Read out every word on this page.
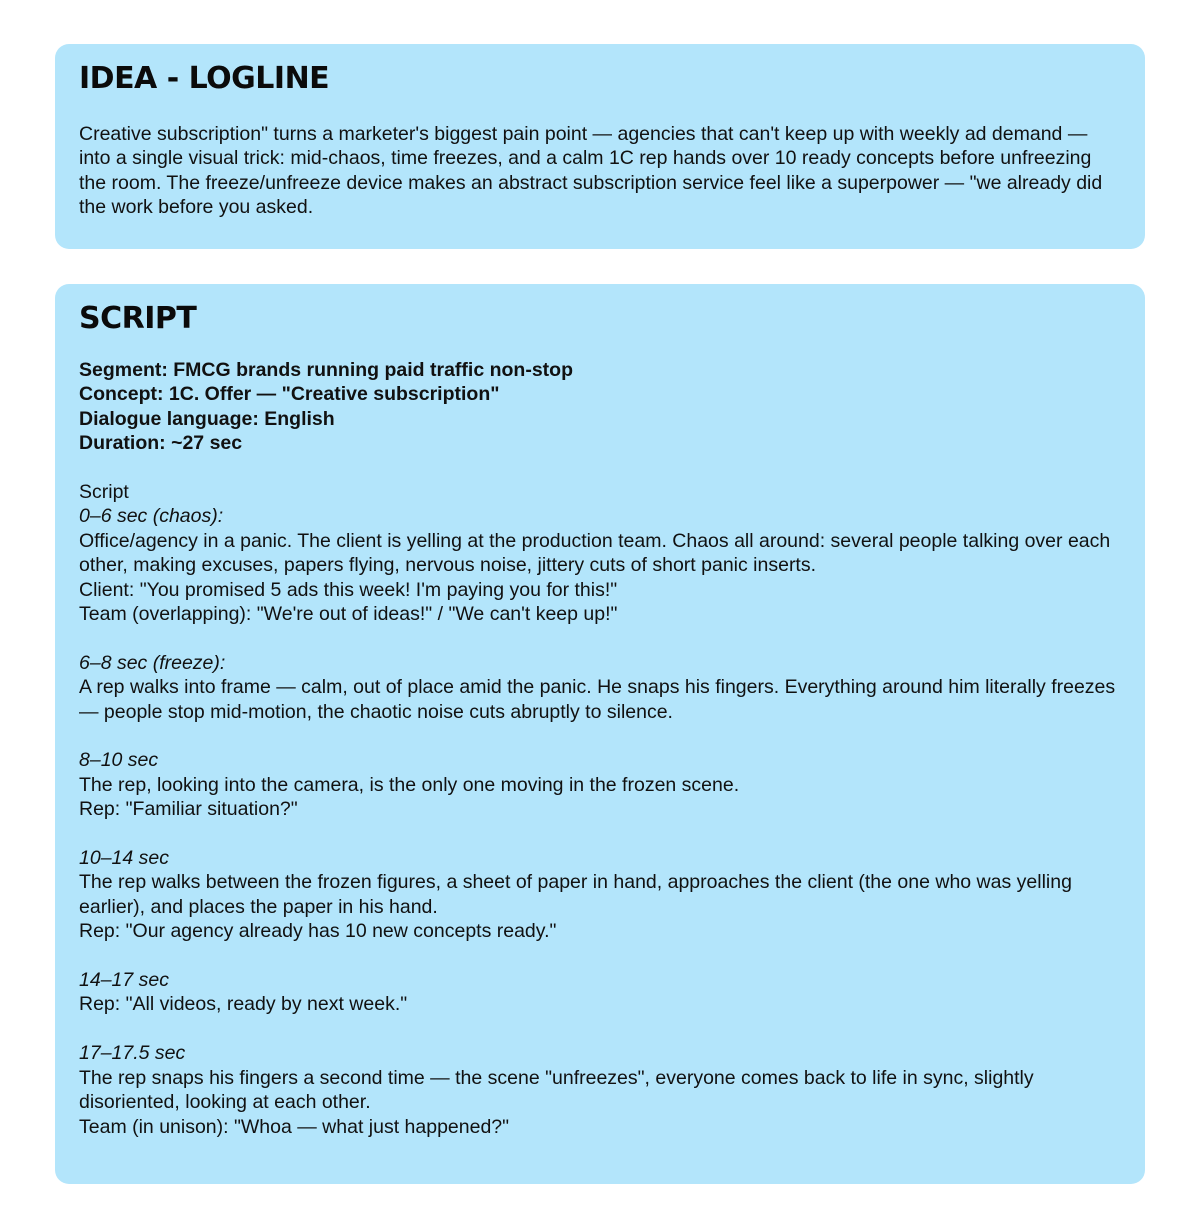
IDEA - LOGLINE

Creative subscription" turns a marketer's biggest pain point — agencies that can't keep up with weekly ad demand — into a single visual trick: mid-chaos, time freezes, and a calm 1C rep hands over 10 ready concepts before unfreezing the room. The freeze/unfreeze device makes an abstract subscription service feel like a superpower — "we already did the work before you asked.

SCRIPT
Segment: FMCG brands running paid traffic non-stop
Concept: 1C. Offer — "Creative subscription"
Dialogue language: English
Duration: ~27 sec
Script
0–6 sec (chaos):
Office/agency in a panic. The client is yelling at the production team. Chaos all around: several people talking over each other, making excuses, papers flying, nervous noise, jittery cuts of short panic inserts.
Client: "You promised 5 ads this week! I'm paying you for this!"
Team (overlapping): "We're out of ideas!" / "We can't keep up!"
6–8 sec (freeze):
A rep walks into frame — calm, out of place amid the panic. He snaps his fingers. Everything around him literally freezes — people stop mid-motion, the chaotic noise cuts abruptly to silence.
8–10 sec
The rep, looking into the camera, is the only one moving in the frozen scene.
Rep: "Familiar situation?"
10–14 sec
The rep walks between the frozen figures, a sheet of paper in hand, approaches the client (the one who was yelling earlier), and places the paper in his hand.
Rep: "Our agency already has 10 new concepts ready."
14–17 sec
Rep: "All videos, ready by next week."
17–17.5 sec
The rep snaps his fingers a second time — the scene "unfreezes", everyone comes back to life in sync, slightly disoriented, looking at each other.
Team (in unison): "Whoa — what just happened?"
